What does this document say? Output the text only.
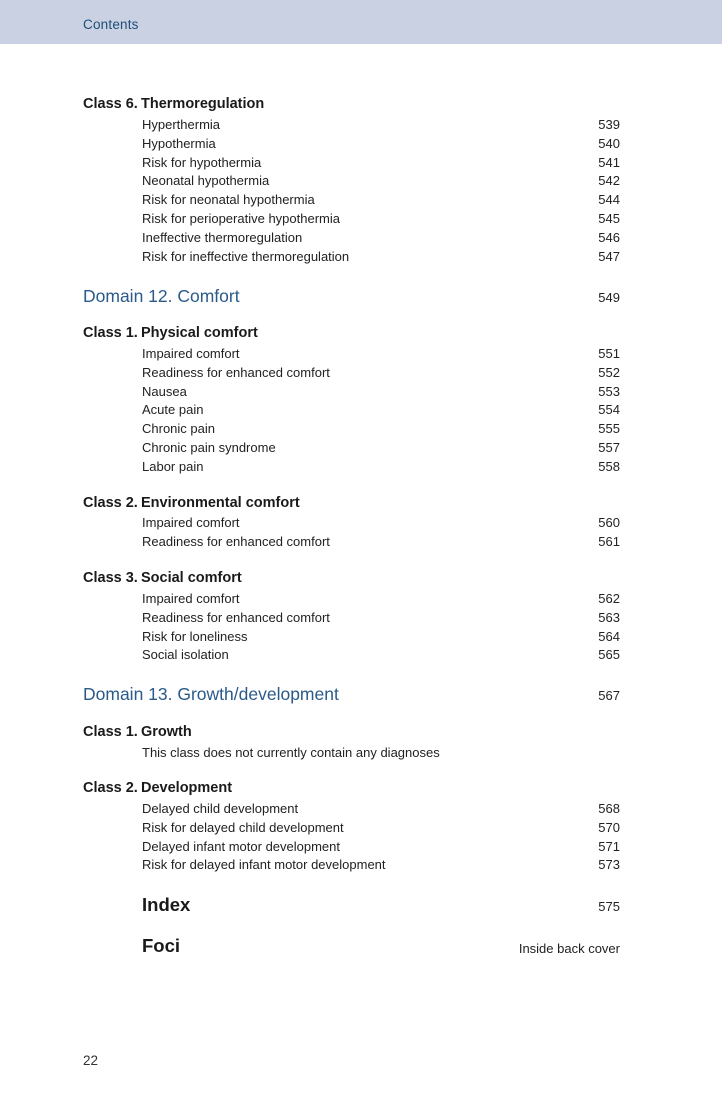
Contents
Class 6. Thermoregulation
Hyperthermia	539
Hypothermia	540
Risk for hypothermia	541
Neonatal hypothermia	542
Risk for neonatal hypothermia	544
Risk for perioperative hypothermia	545
Ineffective thermoregulation	546
Risk for ineffective thermoregulation	547
Domain 12. Comfort	549
Class 1. Physical comfort
Impaired comfort	551
Readiness for enhanced comfort	552
Nausea	553
Acute pain	554
Chronic pain	555
Chronic pain syndrome	557
Labor pain	558
Class 2. Environmental comfort
Impaired comfort	560
Readiness for enhanced comfort	561
Class 3. Social comfort
Impaired comfort	562
Readiness for enhanced comfort	563
Risk for loneliness	564
Social isolation	565
Domain 13. Growth/development	567
Class 1. Growth
This class does not currently contain any diagnoses
Class 2. Development
Delayed child development	568
Risk for delayed child development	570
Delayed infant motor development	571
Risk for delayed infant motor development	573
Index	575
Foci	Inside back cover
22
